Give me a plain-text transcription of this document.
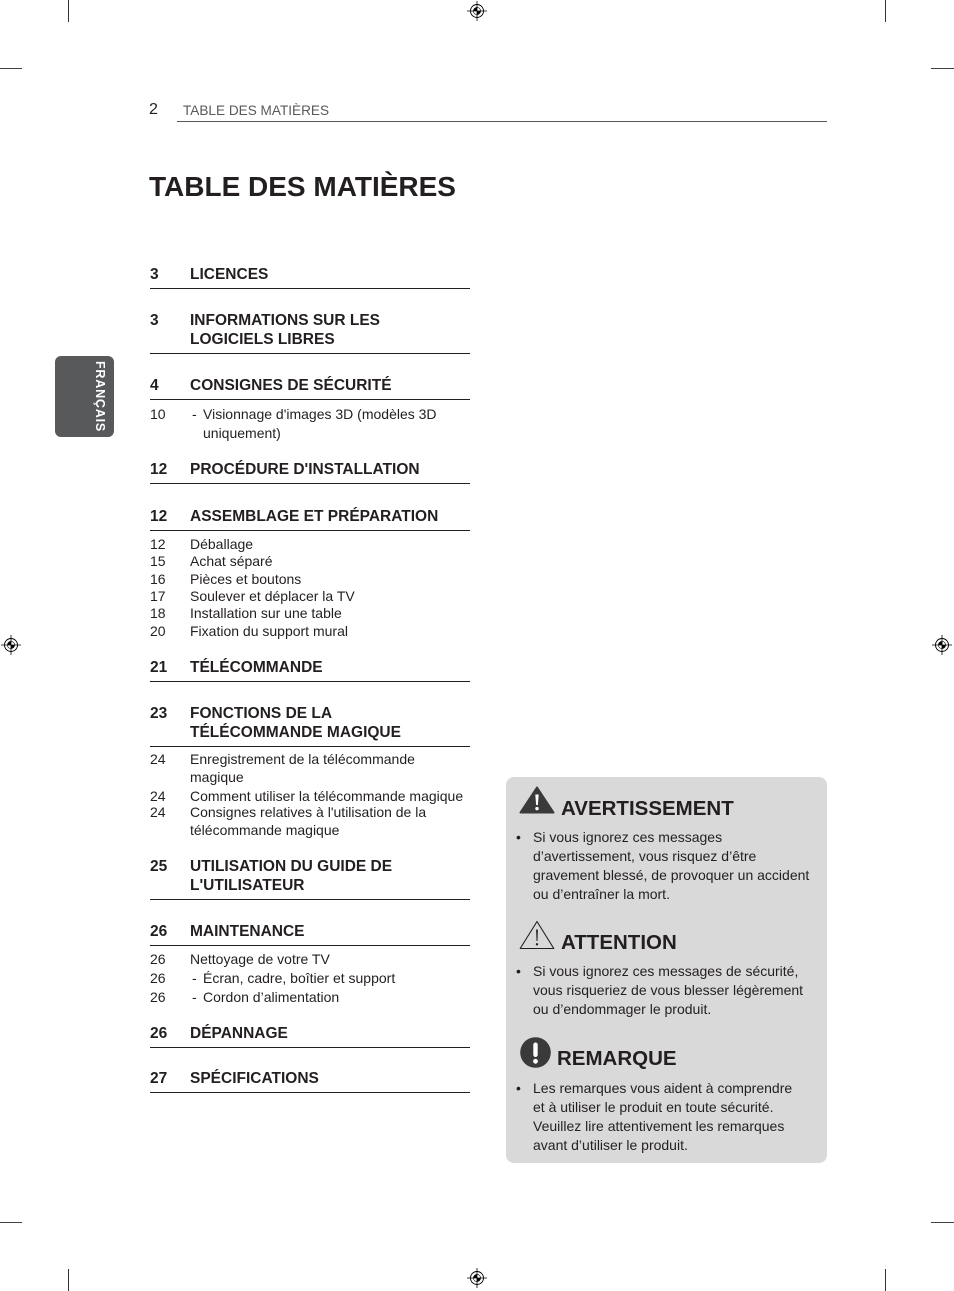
2 TABLE DES MATIÈRES
FRANÇAIS
TABLE DES MATIÈRES
3	LICENCES
3	INFORMATIONS SUR LES
LOGICIELS LIBRES
4	CONSIGNES DE SÉCURITÉ
10	- Visionnage d'images 3D (modèles 3D
uniquement)
12	PROCÉDURE D'INSTALLATION
12	ASSEMBLAGE ET PRÉPARATION
12	Déballage
15	Achat séparé
16	Pièces et boutons
17	Soulever et déplacer la TV
18	Installation sur une table
20	Fixation du support mural
21	TÉLÉCOMMANDE
23	FONCTIONS DE LA
TÉLÉCOMMANDE MAGIQUE
24	Enregistrement de la télécommande
magique
24	Comment utiliser la télécommande magique
24	Consignes relatives à l'utilisation de la
télécommande magique
25	UTILISATION DU GUIDE DE
L'UTILISATEUR
26	MAINTENANCE
26	Nettoyage de votre TV
26	- Écran, cadre, boîtier et support
26	- Cordon d’alimentation
26	DÉPANNAGE
27	SPÉCIFICATIONS
AVERTISSEMENT
• Si vous ignorez ces messages
d’avertissement, vous risquez d’être
gravement blessé, de provoquer un accident
ou d’entraîner la mort.
ATTENTION
• Si vous ignorez ces messages de sécurité,
vous risqueriez de vous blesser légèrement
ou d’endommager le produit.
REMARQUE
• Les remarques vous aident à comprendre
et à utiliser le produit en toute sécurité.
Veuillez lire attentivement les remarques
avant d’utiliser le produit.
